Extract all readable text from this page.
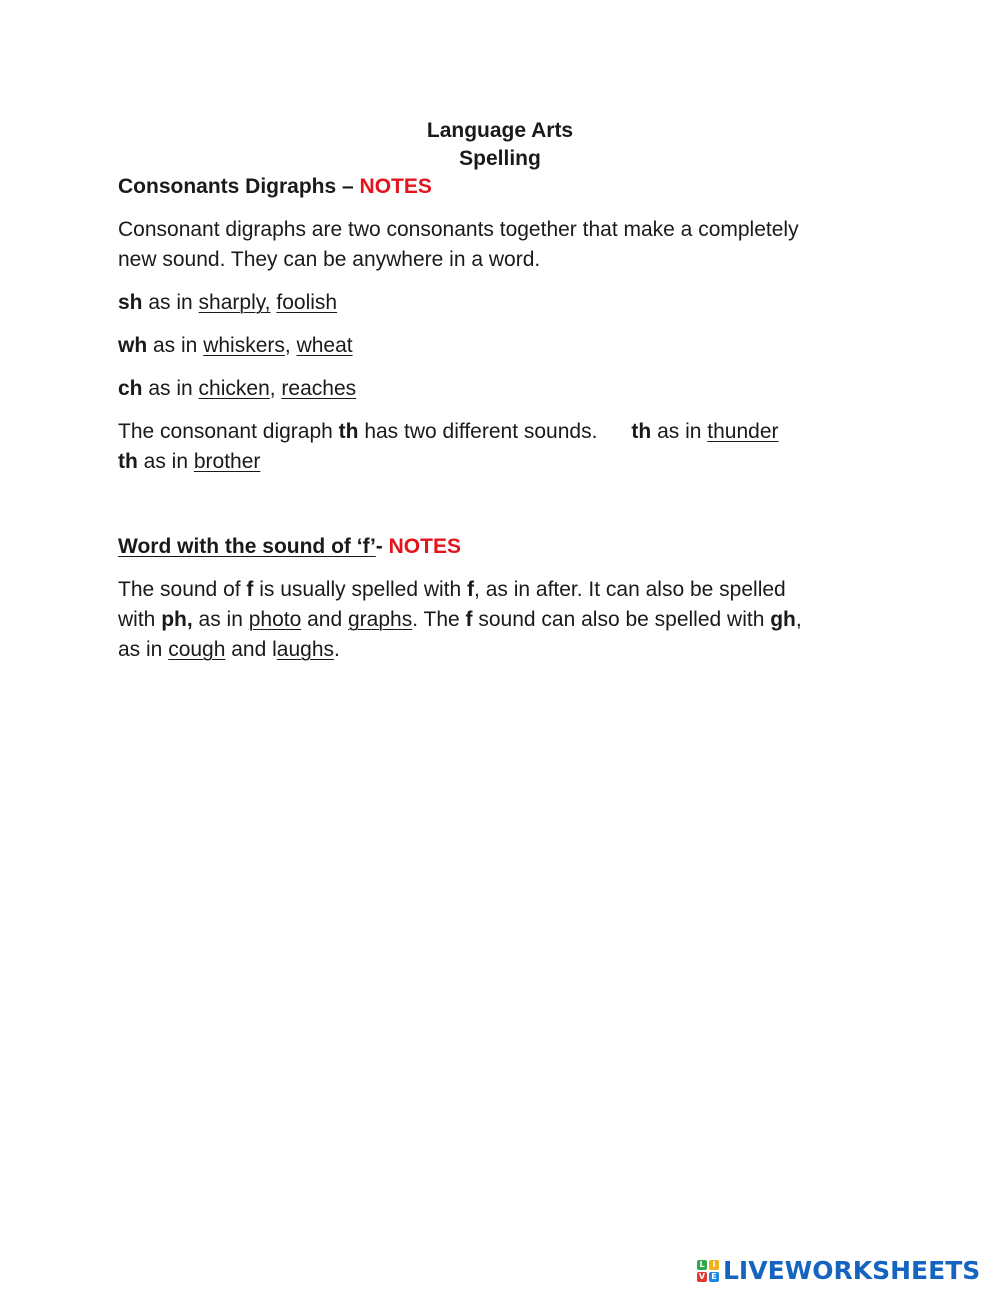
Language Arts
Spelling
Consonants Digraphs – NOTES
Consonant digraphs are two consonants together that make a completely
new sound. They can be anywhere in a word.
sh as in sharply, foolish
wh as in whiskers, wheat
ch as in chicken, reaches
The consonant digraph th has two different sounds. th as in thunder
th as in brother
Word with the sound of ‘f’- NOTES
The sound of f is usually spelled with f, as in after. It can also be spelled
with ph, as in photo and graphs. The f sound can also be spelled with gh,
as in cough and laughs.
L I
V E LIVEWORKSHEETS
